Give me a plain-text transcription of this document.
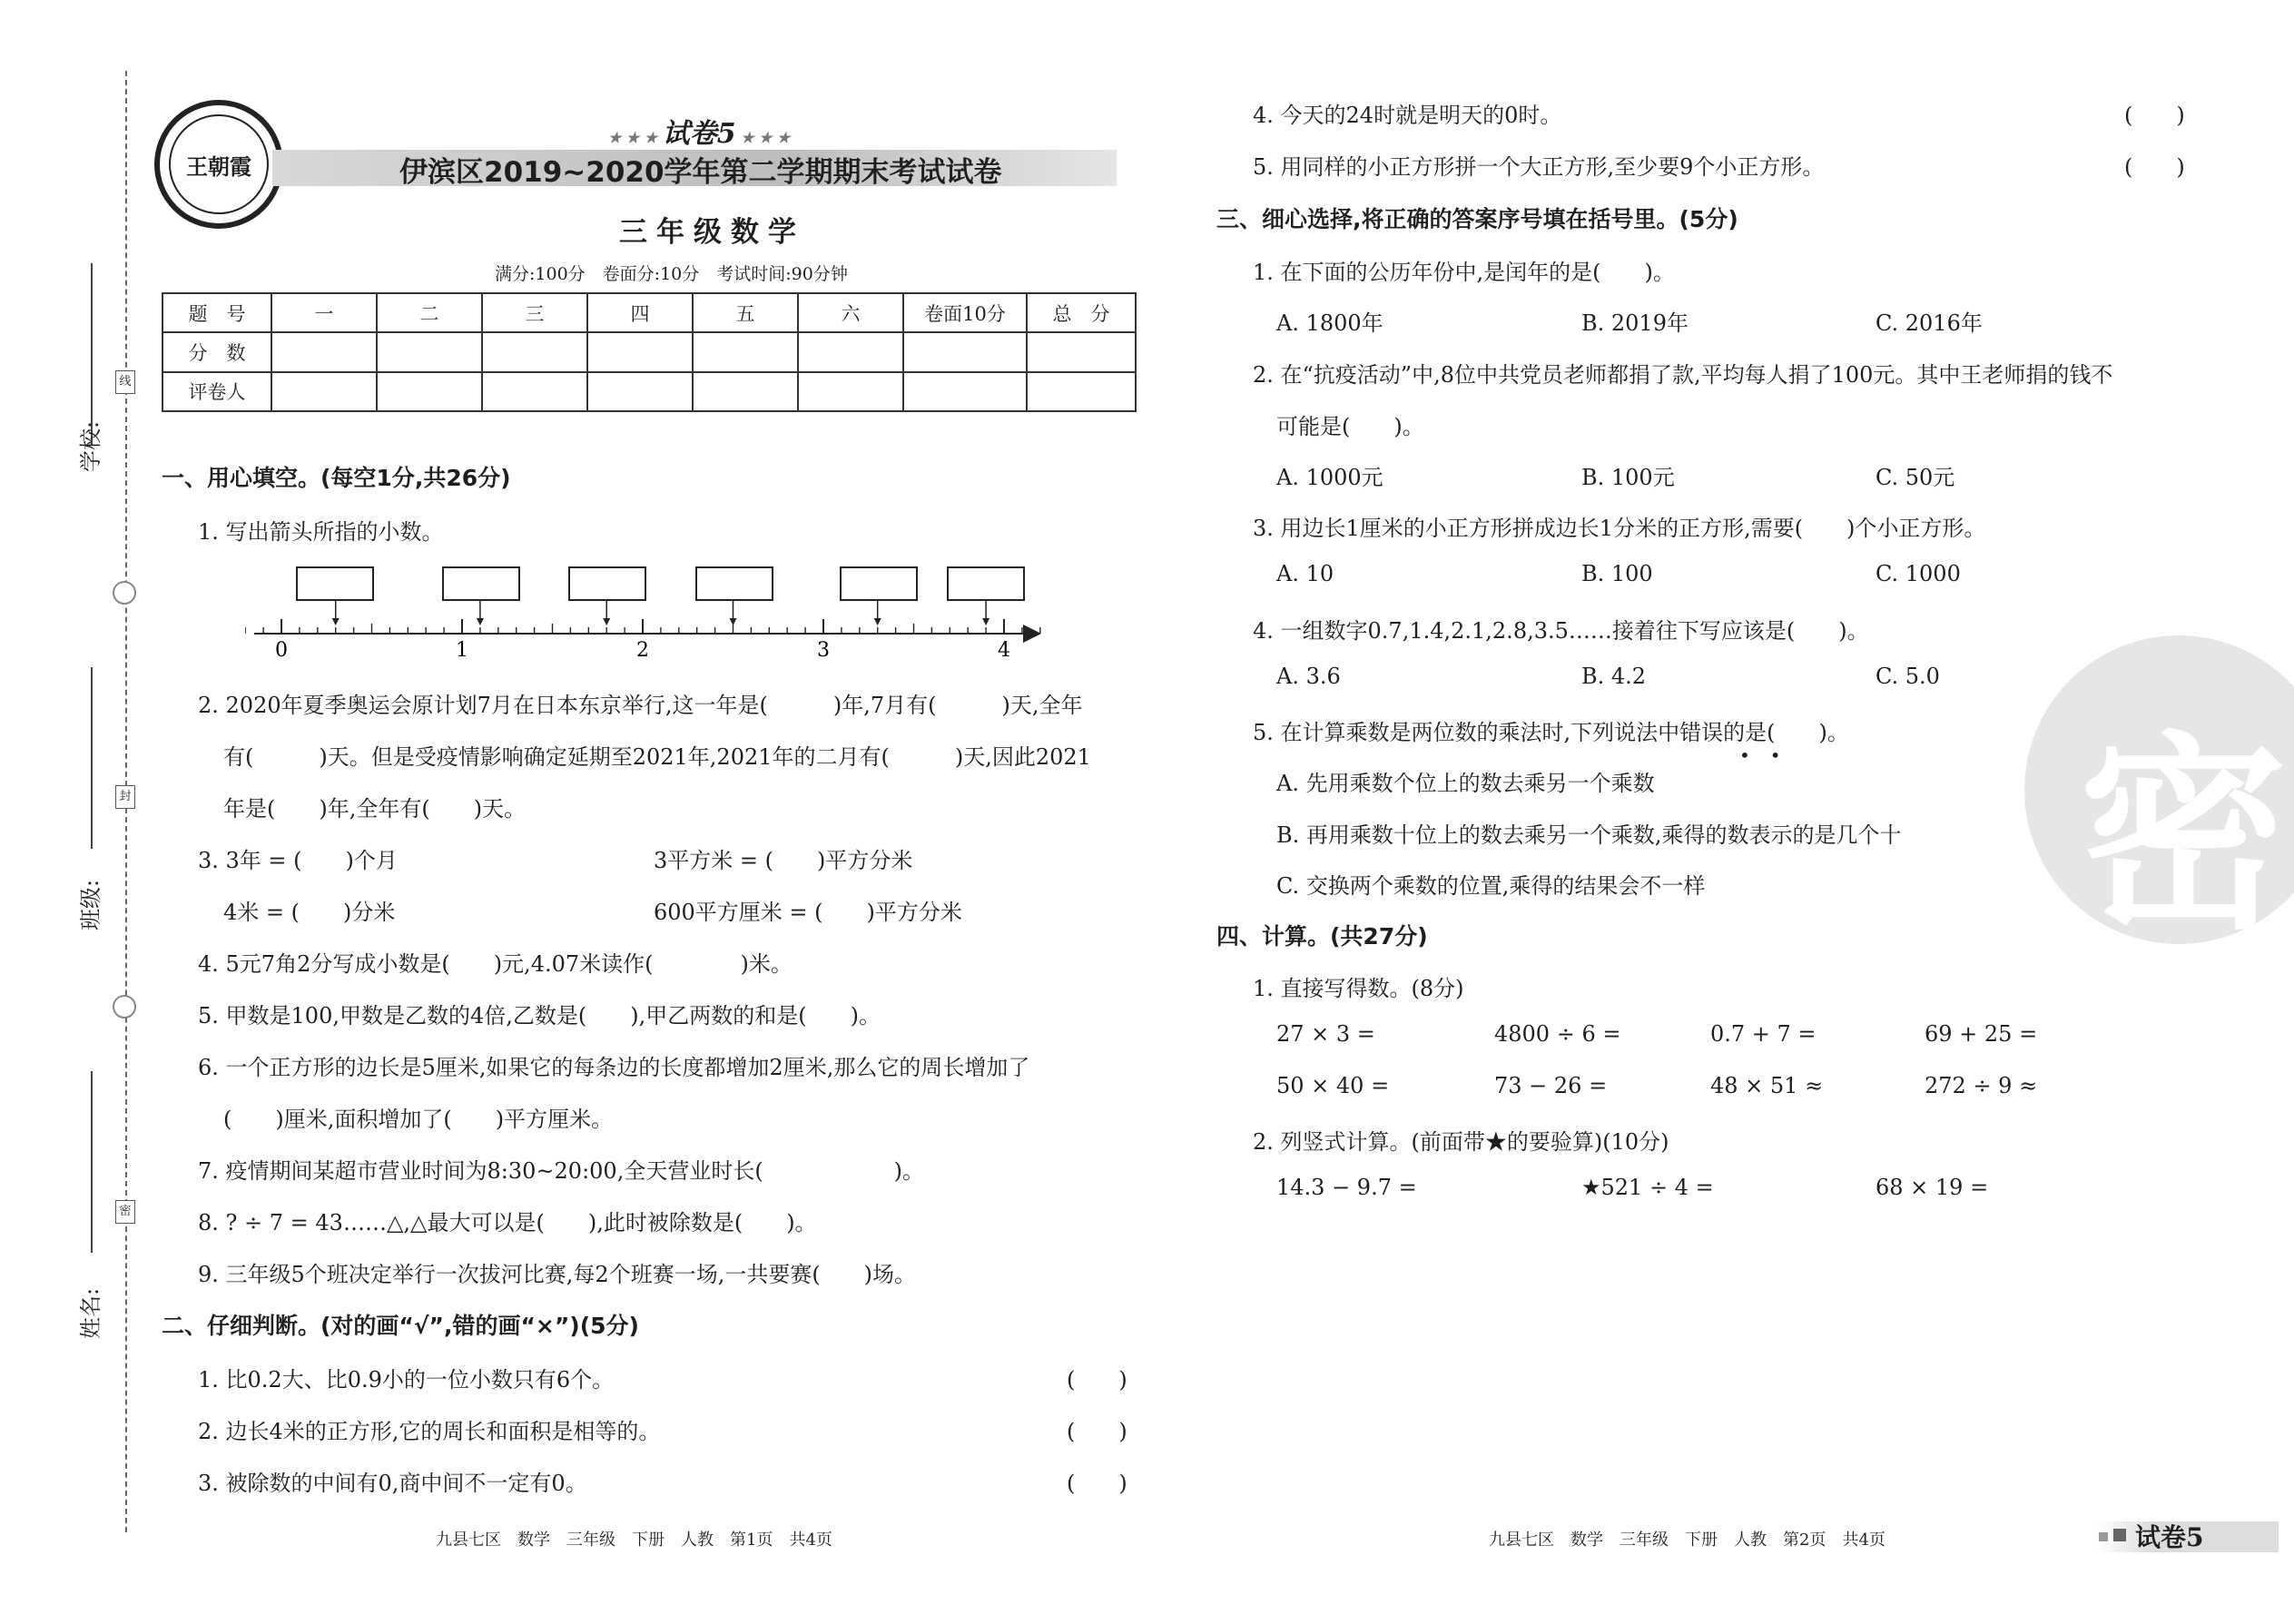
学校:
班级:
姓名:
线
封
密
王朝霞
★ ★ ★ 试卷5 ★ ★ ★
伊滨区2019~2020学年第二学期期末考试试卷
三年级数学
满分:100分　卷面分:10分　考试时间:90分钟
题　号	一	二	三	四	五	六	卷面10分	总　分
分　数								
评卷人								
一、用心填空。(每空1分,共26分)
1. 写出箭头所指的小数。
0	1	2	3	4
2. 2020年夏季奥运会原计划7月在日本东京举行,这一年是(　　　)年,7月有(　　　)天,全年
有(　　　)天。但是受疫情影响确定延期至2021年,2021年的二月有(　　　)天,因此2021
年是(　　)年,全年有(　　)天。
3. 3年 = (　　)个月	3平方米 = (　　)平方分米
4米 = (　　)分米	600平方厘米 = (　　)平方分米
4. 5元7角2分写成小数是(　　)元,4.07米读作(　　　　)米。
5. 甲数是100,甲数是乙数的4倍,乙数是(　　),甲乙两数的和是(　　)。
6. 一个正方形的边长是5厘米,如果它的每条边的长度都增加2厘米,那么它的周长增加了
(　　)厘米,面积增加了(　　)平方厘米。
7. 疫情期间某超市营业时间为8:30~20:00,全天营业时长(　　　　　　)。
8. ? ÷ 7 = 43……△,△最大可以是(　　),此时被除数是(　　)。
9. 三年级5个班决定举行一次拔河比赛,每2个班赛一场,一共要赛(　　)场。
二、仔细判断。(对的画“√”,错的画“×”)(5分)
1. 比0.2大、比0.9小的一位小数只有6个。	(　　)
2. 边长4米的正方形,它的周长和面积是相等的。	(　　)
3. 被除数的中间有0,商中间不一定有0。	(　　)
4. 今天的24时就是明天的0时。	(　　)
5. 用同样的小正方形拼一个大正方形,至少要9个小正方形。	(　　)
密
三、细心选择,将正确的答案序号填在括号里。(5分)
1. 在下面的公历年份中,是闰年的是(　　)。
A. 1800年	B. 2019年	C. 2016年
2. 在“抗疫活动”中,8位中共党员老师都捐了款,平均每人捐了100元。其中王老师捐的钱不
可能是(　　)。
A. 1000元	B. 100元	C. 50元
3. 用边长1厘米的小正方形拼成边长1分米的正方形,需要(　　)个小正方形。
A. 10	B. 100	C. 1000
4. 一组数字0.7,1.4,2.1,2.8,3.5……接着往下写应该是(　　)。
A. 3.6	B. 4.2	C. 5.0
5. 在计算乘数是两位数的乘法时,下列说法中错误的是(　　)。
••
A. 先用乘数个位上的数去乘另一个乘数
B. 再用乘数十位上的数去乘另一个乘数,乘得的数表示的是几个十
C. 交换两个乘数的位置,乘得的结果会不一样
四、计算。(共27分)
1. 直接写得数。(8分)
27 × 3 =	4800 ÷ 6 =	0.7 + 7 =	69 + 25 =
50 × 40 =	73 − 26 =	48 × 51 ≈	272 ÷ 9 ≈
2. 列竖式计算。(前面带★的要验算)(10分)
14.3 − 9.7 =	★521 ÷ 4 =	68 × 19 =
九县七区　数学　三年级　下册　人教　第1页　共4页	九县七区　数学　三年级　下册　人教　第2页　共4页	试卷5
